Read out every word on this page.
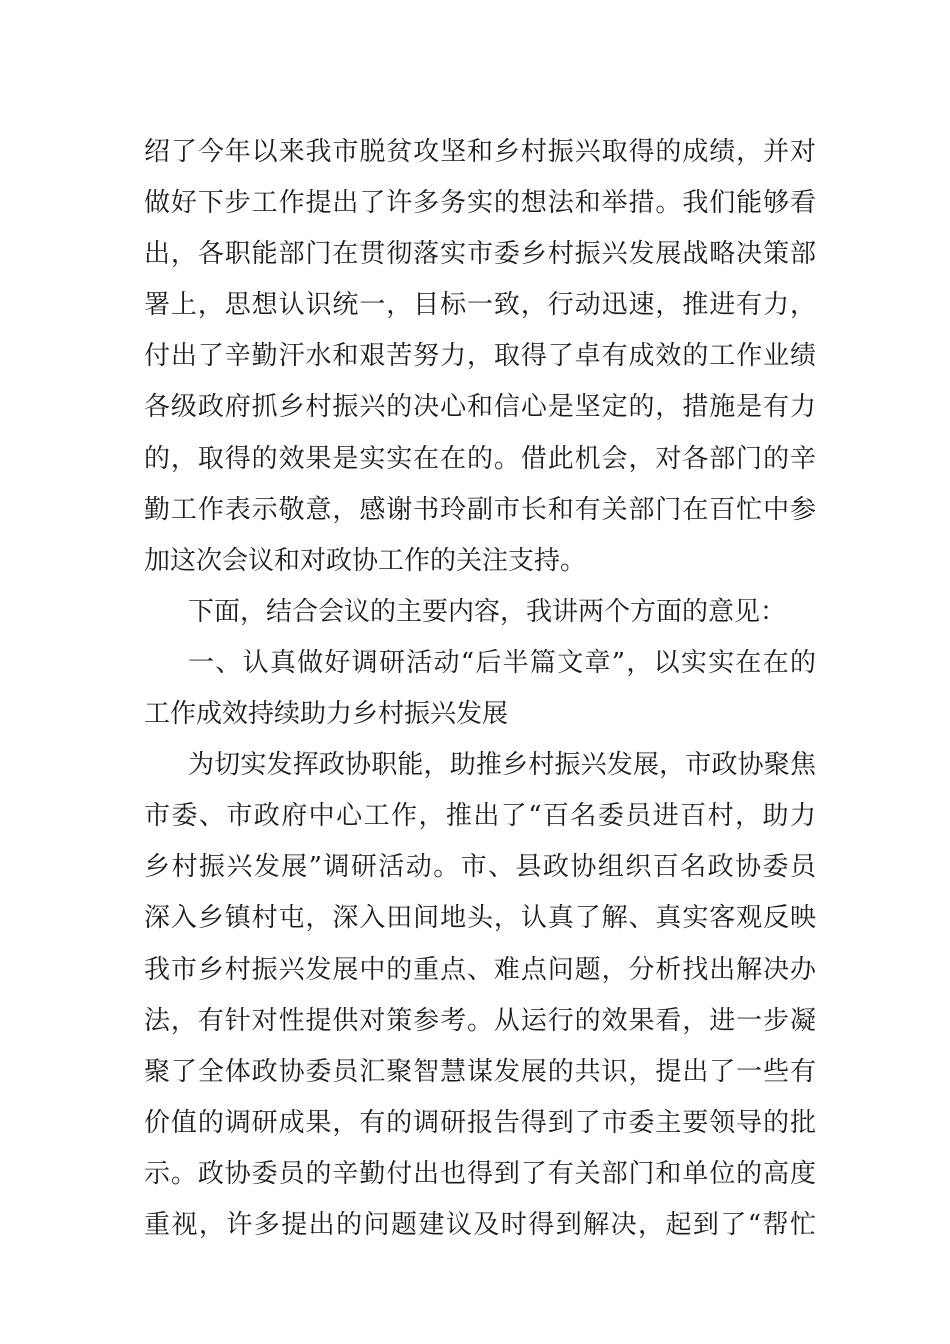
绍了今年以来我市脱贫攻坚和乡村振兴取得的成绩，并对
做好下步工作提出了许多务实的想法和举措。我们能够看
出，各职能部门在贯彻落实市委乡村振兴发展战略决策部
署上，思想认识统一，目标一致，行动迅速，推进有力，
付出了辛勤汗水和艰苦努力，取得了卓有成效的工作业绩
各级政府抓乡村振兴的决心和信心是坚定的，措施是有力
的，取得的效果是实实在在的。借此机会，对各部门的辛
勤工作表示敬意，感谢书玲副市长和有关部门在百忙中参
加这次会议和对政协工作的关注支持。
下面，结合会议的主要内容，我讲两个方面的意见：
一、认真做好调研活动“后半篇文章”，以实实在在的
工作成效持续助力乡村振兴发展
为切实发挥政协职能，助推乡村振兴发展，市政协聚焦
市委、市政府中心工作，推出了“百名委员进百村，助力
乡村振兴发展”调研活动。市、县政协组织百名政协委员
深入乡镇村屯，深入田间地头，认真了解、真实客观反映
我市乡村振兴发展中的重点、难点问题，分析找出解决办
法，有针对性提供对策参考。从运行的效果看，进一步凝
聚了全体政协委员汇聚智慧谋发展的共识，提出了一些有
价值的调研成果，有的调研报告得到了市委主要领导的批
示。政协委员的辛勤付出也得到了有关部门和单位的高度
重视，许多提出的问题建议及时得到解决，起到了“帮忙
